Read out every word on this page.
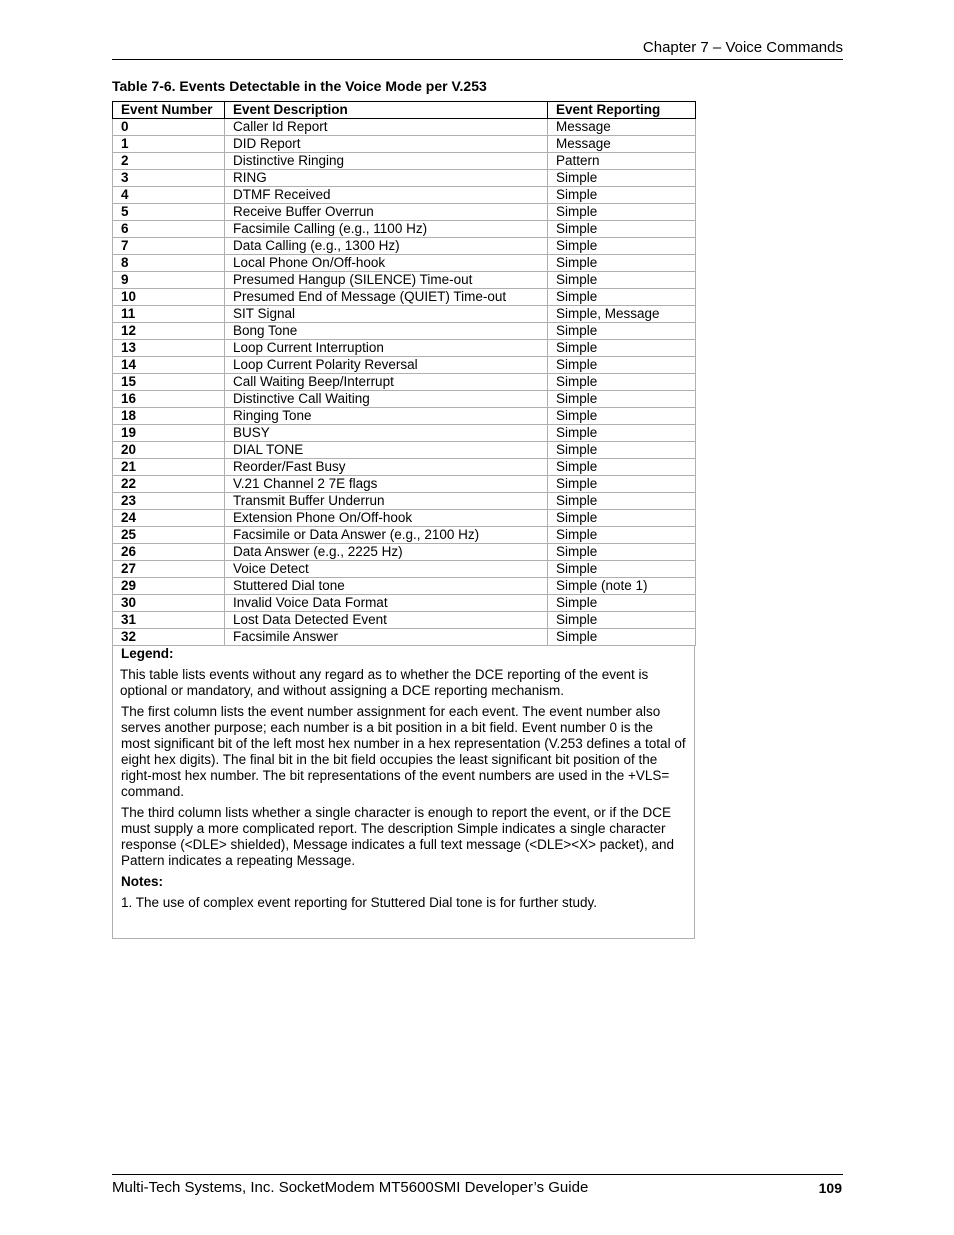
Chapter 7 – Voice Commands
Table 7-6. Events Detectable in the Voice Mode per V.253
Event Number	Event Description	Event Reporting
0	Caller Id Report	Message
1	DID Report	Message
2	Distinctive Ringing	Pattern
3	RING	Simple
4	DTMF Received	Simple
5	Receive Buffer Overrun	Simple
6	Facsimile Calling (e.g., 1100 Hz)	Simple
7	Data Calling (e.g., 1300 Hz)	Simple
8	Local Phone On/Off-hook	Simple
9	Presumed Hangup (SILENCE) Time-out	Simple
10	Presumed End of Message (QUIET) Time-out	Simple
11	SIT Signal	Simple, Message
12	Bong Tone	Simple
13	Loop Current Interruption	Simple
14	Loop Current Polarity Reversal	Simple
15	Call Waiting Beep/Interrupt	Simple
16	Distinctive Call Waiting	Simple
18	Ringing Tone	Simple
19	BUSY	Simple
20	DIAL TONE	Simple
21	Reorder/Fast Busy	Simple
22	V.21 Channel 2 7E flags	Simple
23	Transmit Buffer Underrun	Simple
24	Extension Phone On/Off-hook	Simple
25	Facsimile or Data Answer (e.g., 2100 Hz)	Simple
26	Data Answer (e.g., 2225 Hz)	Simple
27	Voice Detect	Simple
29	Stuttered Dial tone	Simple (note 1)
30	Invalid Voice Data Format	Simple
31	Lost Data Detected Event	Simple
32	Facsimile Answer	Simple
Legend:

This table lists events without any regard as to whether the DCE reporting of the event is optional or mandatory, and without assigning a DCE reporting mechanism.

The first column lists the event number assignment for each event. The event number also serves another purpose; each number is a bit position in a bit field. Event number 0 is the most significant bit of the left most hex number in a hex representation (V.253 defines a total of eight hex digits). The final bit in the bit field occupies the least significant bit position of the right-most hex number. The bit representations of the event numbers are used in the +VLS= command.

The third column lists whether a single character is enough to report the event, or if the DCE must supply a more complicated report. The description Simple indicates a single character response (<DLE> shielded), Message indicates a full text message (<DLE><X> packet), and Pattern indicates a repeating Message.

Notes:

1. The use of complex event reporting for Stuttered Dial tone is for further study.

Multi-Tech Systems, Inc. SocketModem MT5600SMI Developer’s Guide	109
